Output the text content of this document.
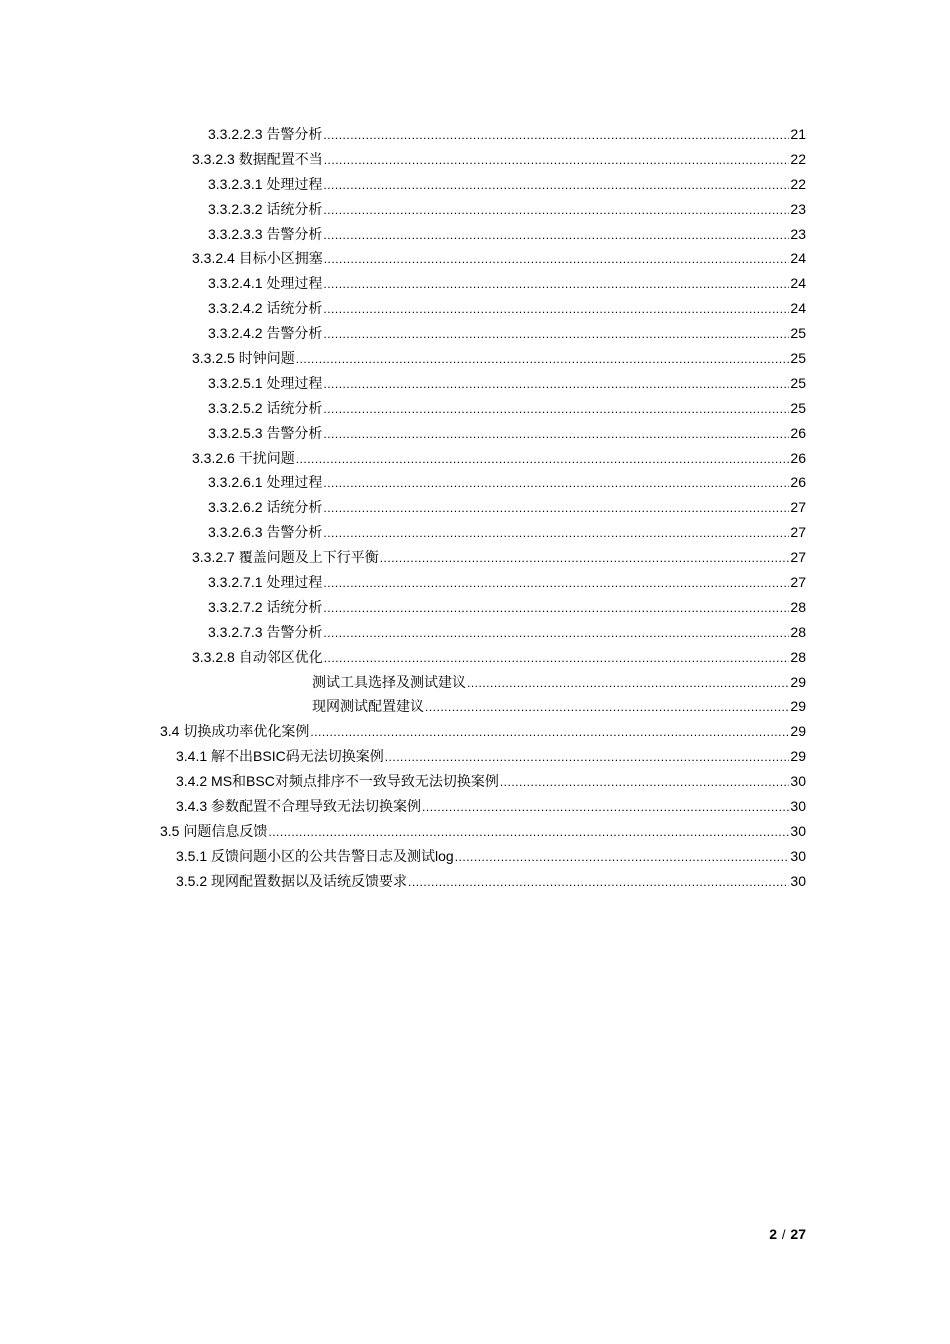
3.3.2.2.3 告警分析 .....	21
3.3.2.3 数据配置不当 .....	22
3.3.2.3.1 处理过程 .....	22
3.3.2.3.2 话统分析 .....	23
3.3.2.3.3 告警分析 .....	23
3.3.2.4 目标小区拥塞 .....	24
3.3.2.4.1 处理过程 .....	24
3.3.2.4.2 话统分析 .....	24
3.3.2.4.2 告警分析 .....	25
3.3.2.5 时钟问题 .....	25
3.3.2.5.1 处理过程 .....	25
3.3.2.5.2 话统分析 .....	25
3.3.2.5.3 告警分析 .....	26
3.3.2.6 干扰问题 .....	26
3.3.2.6.1 处理过程 .....	26
3.3.2.6.2 话统分析 .....	27
3.3.2.6.3 告警分析 .....	27
3.3.2.7 覆盖问题及上下行平衡 .....	27
3.3.2.7.1 处理过程 .....	27
3.3.2.7.2 话统分析 .....	28
3.3.2.7.3 告警分析 .....	28
3.3.2.8 自动邻区优化 .....	28
测试工具选择及测试建议 .....	29
现网测试配置建议 .....	29
3.4 切换成功率优化案例 .....	29
3.4.1 解不出BSIC码无法切换案例 .....	29
3.4.2 MS和BSC对频点排序不一致导致无法切换案例 .....	30
3.4.3 参数配置不合理导致无法切换案例 .....	30
3.5 问题信息反馈 .....	30
3.5.1 反馈问题小区的公共告警日志及测试log .....	30
3.5.2 现网配置数据以及话统反馈要求 .....	30
2 / 27
